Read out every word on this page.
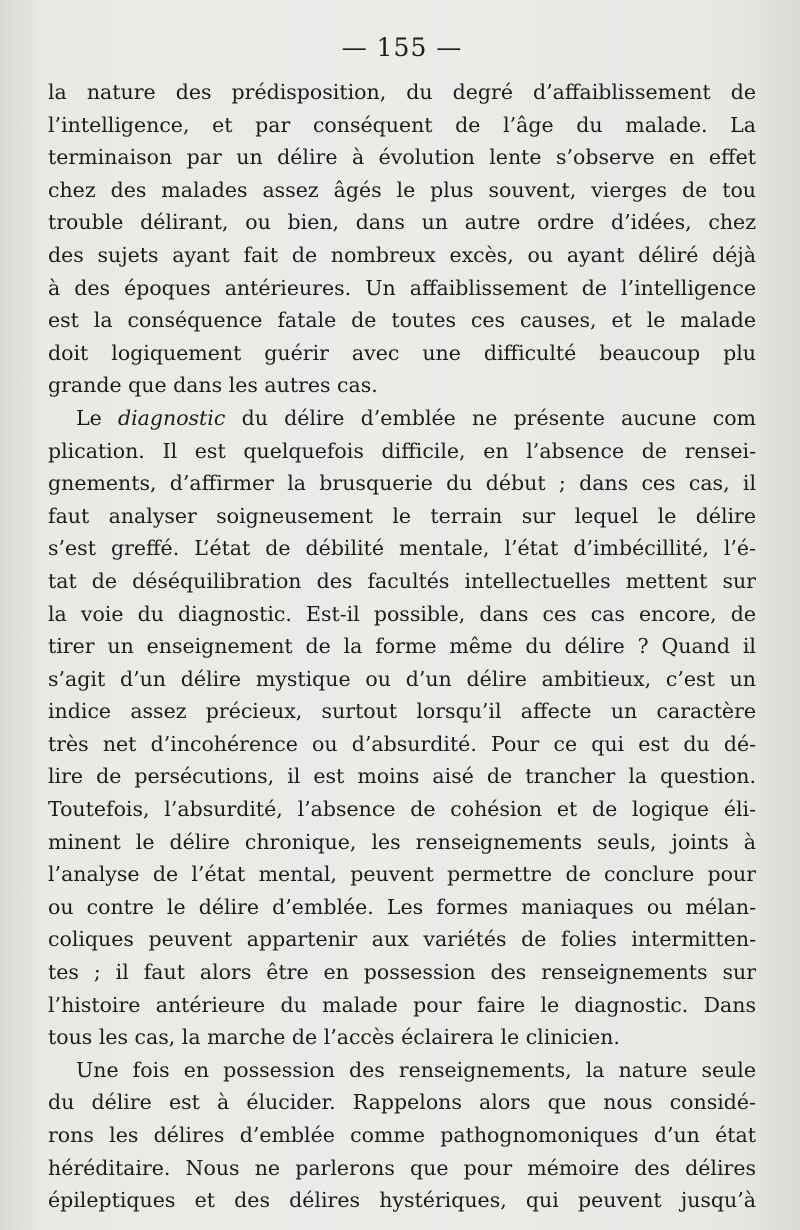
— 155 —
la nature des prédisposition, du degré d’affaiblissement de
l’intelligence, et par conséquent de l’âge du malade. La
terminaison par un délire à évolution lente s’observe en effet
chez des malades assez âgés le plus souvent, vierges de tou
trouble délirant, ou bien, dans un autre ordre d’idées, chez
des sujets ayant fait de nombreux excès, ou ayant déliré déjà
à des époques antérieures. Un affaiblissement de l’intelligence
est la conséquence fatale de toutes ces causes, et le malade
doit logiquement guérir avec une difficulté beaucoup plu
grande que dans les autres cas.
Le diagnostic du délire d’emblée ne présente aucune com
plication. Il est quelquefois difficile, en l’absence de rensei-
gnements, d’affirmer la brusquerie du début ; dans ces cas, il
faut analyser soigneusement le terrain sur lequel le délire
s’est greffé. L’état de débilité mentale, l’état d’imbécillité, l’é-
tat de déséquilibration des facultés intellectuelles mettent sur
la voie du diagnostic. Est-il possible, dans ces cas encore, de
tirer un enseignement de la forme même du délire ? Quand il
s’agit d’un délire mystique ou d’un délire ambitieux, c’est un
indice assez précieux, surtout lorsqu’il affecte un caractère
très net d’incohérence ou d’absurdité. Pour ce qui est du dé-
lire de persécutions, il est moins aisé de trancher la question.
Toutefois, l’absurdité, l’absence de cohésion et de logique éli-
minent le délire chronique, les renseignements seuls, joints à
l’analyse de l’état mental, peuvent permettre de conclure pour
ou contre le délire d’emblée. Les formes maniaques ou mélan-
coliques peuvent appartenir aux variétés de folies intermitten-
tes ; il faut alors être en possession des renseignements sur
l’histoire antérieure du malade pour faire le diagnostic. Dans
tous les cas, la marche de l’accès éclairera le clinicien.
Une fois en possession des renseignements, la nature seule
du délire est à élucider. Rappelons alors que nous considé-
rons les délires d’emblée comme pathognomoniques d’un état
héréditaire. Nous ne parlerons que pour mémoire des délires
épileptiques et des délires hystériques, qui peuvent jusqu’à
